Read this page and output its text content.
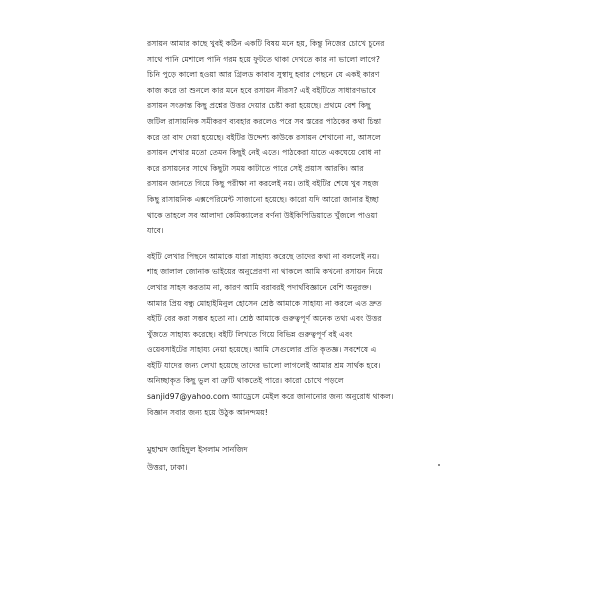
রসায়ন আমার কাছে খুবই কঠিন একটি বিষয় মনে হয়, কিন্তু নিজের চোখে চুনের

সাথে পানি মেশালে পানি গরম হয়ে ফুটতে থাকা দেখতে কার না ভালো লাগে?

চিনি পুড়ে কালো হওয়া আর গ্রিলড কাবাব সুস্বাদু হবার পেছনে যে একই কারণ

কাজ করে তা শুনলে কার মনে হবে রসায়ন নীরস? এই বইটিতে সাধারণভাবে

রসায়ন সংক্রান্ত কিছু প্রশ্নের উত্তর দেয়ার চেষ্টা করা হয়েছে। প্রথমে বেশ কিছু

জটিল রাসায়নিক সমীকরণ ব্যবহার করলেও পরে সব স্তরের পাঠকের কথা চিন্তা

করে তা বাদ দেয়া হয়েছে। বইটির উদ্দেশ্য কাউকে রসায়ন শেখানো না, আসলে

রসায়ন শেখার মতো তেমন কিছুই নেই এতে। পাঠকেরা যাতে একঘেয়ে বোধ না

করে রসায়নের সাথে কিছুটা সময় কাটাতে পারে সেই প্রয়াস আরকি। আর

রসায়ন জানতে গিয়ে কিছু পরীক্ষা না করলেই নয়। তাই বইটির শেষে খুব সহজ

কিছু রাসায়নিক এক্সপেরিমেন্ট সাজানো হয়েছে। কারো যদি আরো জানার ইচ্ছা

থাকে তাহলে সব আলাদা কেমিক্যালের বর্ণনা উইকিপিডিয়াতে খুঁজলে পাওয়া

যাবে।

বইটি লেখার পিছনে আমাকে যারা সাহায্য করেছে তাদের কথা না বললেই নয়।

শাহ জালাল জোনাক ভাইয়ের অনুপ্রেরণা না থাকলে আমি কখনো রসায়ন নিয়ে

লেখার সাহস করতাম না, কারণ আমি বরাবরই পদার্থবিজ্ঞানে বেশি অনুরক্ত।

আমার প্রিয় বন্ধু মোহাইমিনুল হোসেন শ্রেষ্ঠ আমাকে সাহায্য না করলে এত দ্রুত

বইটি বের করা সম্ভব হতো না। শ্রেষ্ঠ আমাকে গুরুত্বপূর্ণ অনেক তথ্য এবং উত্তর

খুঁজতে সাহায্য করেছে। বইটি লিখতে গিয়ে বিভিন্ন গুরুত্বপূর্ণ বই এবং

ওয়েবসাইটের সাহায্য নেয়া হয়েছে। আমি সেগুলোর প্রতি কৃতজ্ঞ। সবশেষে এ

বইটি যাদের জন্য লেখা হয়েছে তাদের ভালো লাগলেই আমার শ্রম সার্থক হবে।

অনিচ্ছাকৃত কিছু ভুল বা ত্রুটি থাকতেই পারে। কারো চোখে পড়লে

sanjid97@yahoo.com অ্যাড্রেসে মেইল করে জানানোর জন্য অনুরোধ থাকল।

বিজ্ঞান সবার জন্য হয়ে উঠুক আনন্দময়!

মুহাম্মদ জাহিদুল ইসলাম সানজিদ

উত্তরা, ঢাকা।
